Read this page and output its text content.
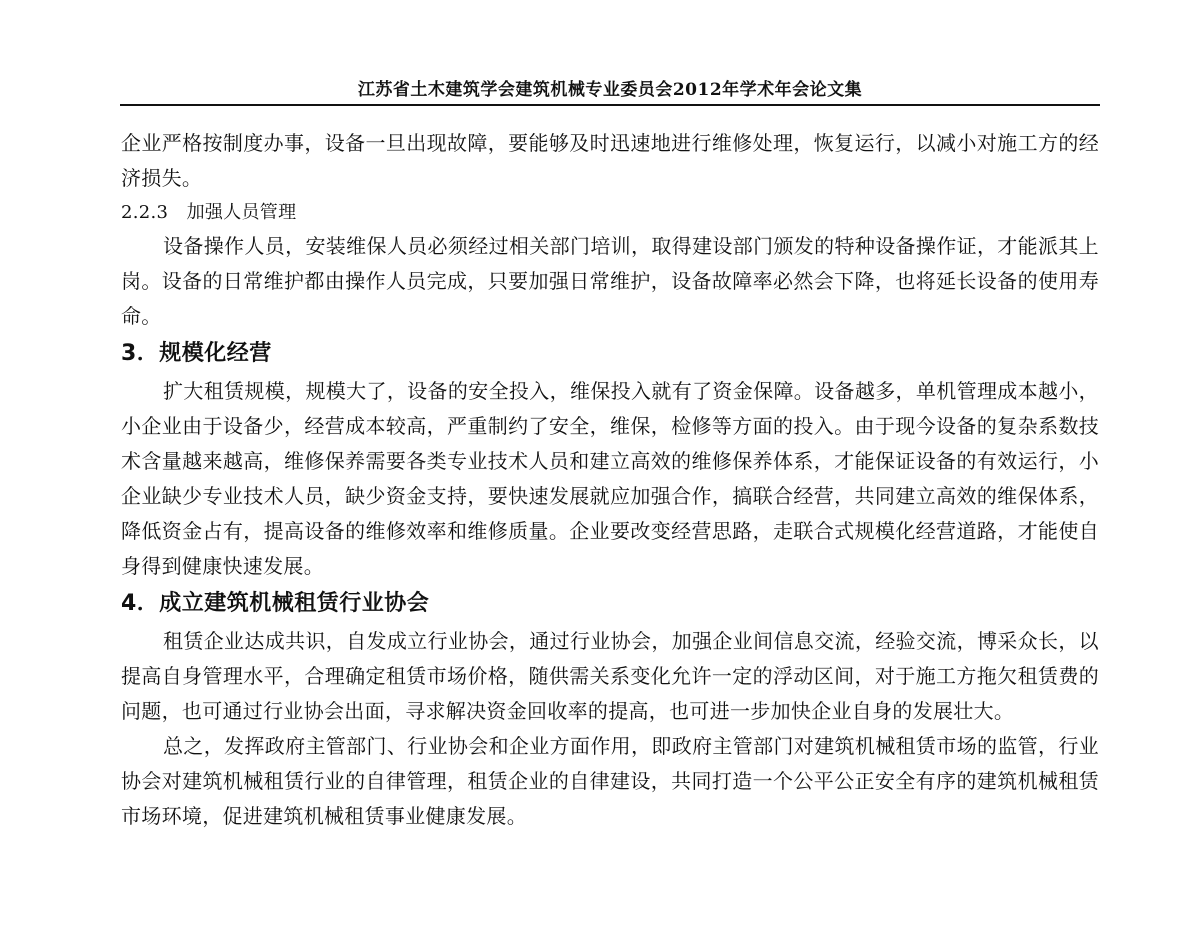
江苏省土木建筑学会建筑机械专业委员会2012年学术年会论文集

企业严格按制度办事，设备一旦出现故障，要能够及时迅速地进行维修处理，恢复运行，以减小对施工方的经济损失。

2.2.3　加强人员管理

设备操作人员，安装维保人员必须经过相关部门培训，取得建设部门颁发的特种设备操作证，才能派其上岗。设备的日常维护都由操作人员完成，只要加强日常维护，设备故障率必然会下降，也将延长设备的使用寿命。

3．规模化经营

扩大租赁规模，规模大了，设备的安全投入，维保投入就有了资金保障。设备越多，单机管理成本越小，小企业由于设备少，经营成本较高，严重制约了安全，维保，检修等方面的投入。由于现今设备的复杂系数技术含量越来越高，维修保养需要各类专业技术人员和建立高效的维修保养体系，才能保证设备的有效运行，小企业缺少专业技术人员，缺少资金支持，要快速发展就应加强合作，搞联合经营，共同建立高效的维保体系，降低资金占有，提高设备的维修效率和维修质量。企业要改变经营思路，走联合式规模化经营道路，才能使自身得到健康快速发展。

4．成立建筑机械租赁行业协会

租赁企业达成共识，自发成立行业协会，通过行业协会，加强企业间信息交流，经验交流，博采众长，以提高自身管理水平，合理确定租赁市场价格，随供需关系变化允许一定的浮动区间，对于施工方拖欠租赁费的问题，也可通过行业协会出面，寻求解决资金回收率的提高，也可进一步加快企业自身的发展壮大。

总之，发挥政府主管部门、行业协会和企业方面作用，即政府主管部门对建筑机械租赁市场的监管，行业协会对建筑机械租赁行业的自律管理，租赁企业的自律建设，共同打造一个公平公正安全有序的建筑机械租赁市场环境，促进建筑机械租赁事业健康发展。
